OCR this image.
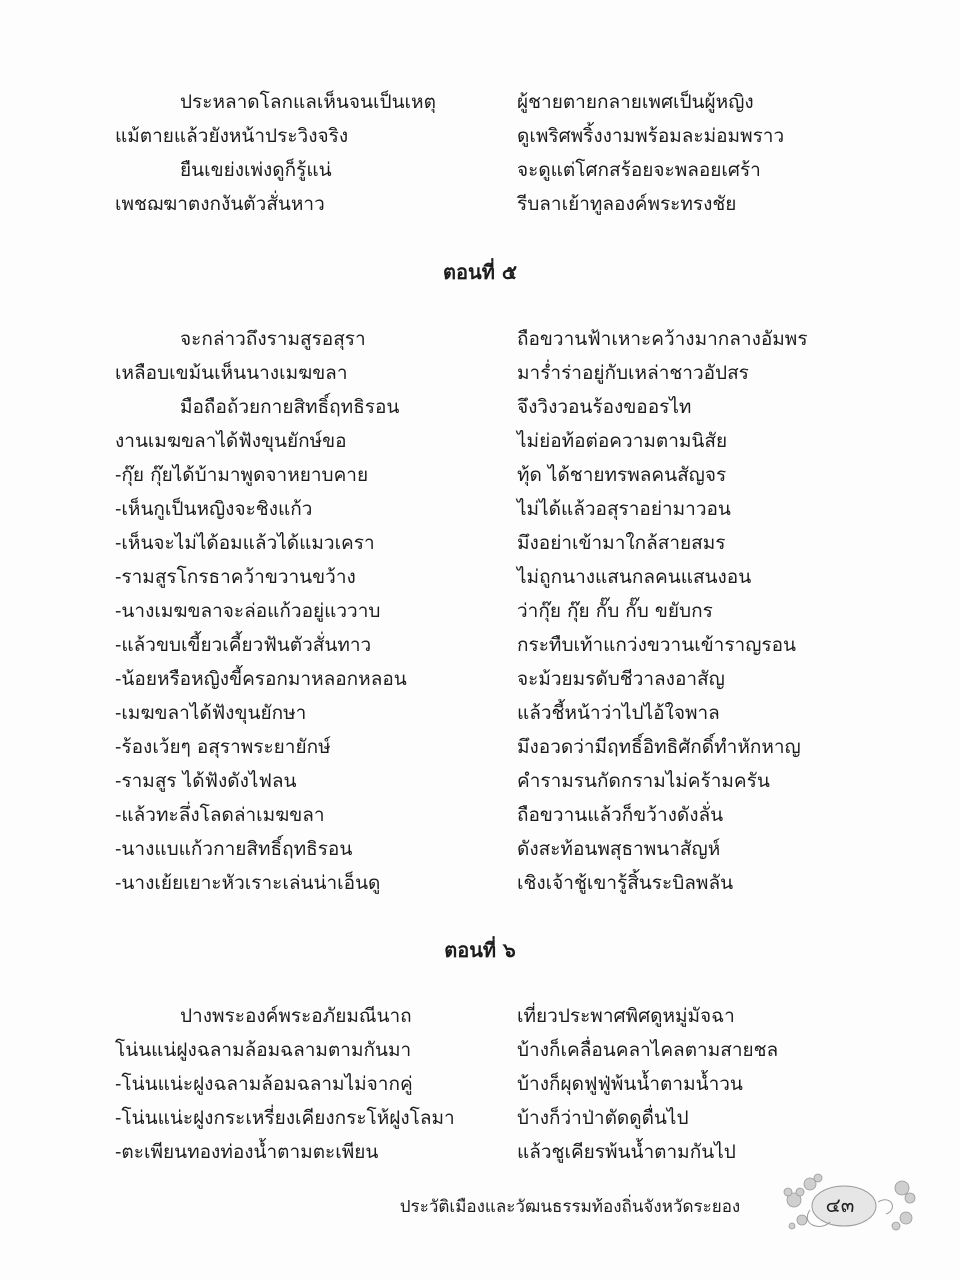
ประหลาดโลกแลเห็นจนเป็นเหตุ	ผู้ชายตายกลายเพศเป็นผู้หญิง
แม้ตายแล้วยังหน้าประวิงจริง	ดูเพริศพริ้งงามพร้อมละม่อมพราว
ยืนเขย่งเพ่งดูก็รู้แน่	จะดูแต่โศกสร้อยจะพลอยเศร้า
เพชฌฆาตงกงันตัวสั่นหาว	รีบลาเย้าทูลองค์พระทรงชัย
ตอนที่ ๕
จะกล่าวถึงรามสูรอสุรา	ถือขวานฟ้าเหาะคว้างมากลางอัมพร
เหลือบเขม้นเห็นนางเมฆขลา	มาร่ำร่าอยู่กับเหล่าชาวอัปสร
มือถือถ้วยกายสิทธิ์ฤทธิรอน	จึงวิงวอนร้องขออรไท
งานเมฆขลาได้ฟังขุนยักษ์ขอ	ไม่ย่อท้อต่อความตามนิสัย
-กุ๊ย กุ๊ยได้บ้ามาพูดจาหยาบคาย	ทุ้ด ได้ชายทรพลคนสัญจร
-เห็นกูเป็นหญิงจะชิงแก้ว	ไม่ได้แล้วอสุราอย่ามาวอน
-เห็นจะไม่ได้อมแล้วได้แมวเครา	มึงอย่าเข้ามาใกล้สายสมร
-รามสูรโกรธาคว้าขวานขว้าง	ไม่ถูกนางแสนกลคนแสนงอน
-นางเมฆขลาจะล่อแก้วอยู่แววาบ	ว่ากุ๊ย กุ๊ย กั๊บ กั๊บ ขยับกร
-แล้วขบเขี้ยวเคี้ยวฟันตัวสั่นทาว	กระทืบเท้าแกว่งขวานเข้าราญรอน
-น้อยหรือหญิงขี้ครอกมาหลอกหลอน	จะม้วยมรดับชีวาลงอาสัญ
-เมฆขลาได้ฟังขุนยักษา	แล้วชี้หน้าว่าไปไอ้ใจพาล
-ร้องเว้ยๆ อสุราพระยายักษ์	มึงอวดว่ามีฤทธิ์อิทธิศักดิ์ทำหักหาญ
-รามสูร ได้ฟังดังไฟลน	คำรามรนกัดกรามไม่คร้ามครัน
-แล้วทะลึ่งโลดล่าเมฆขลา	ถือขวานแล้วก็ขว้างดังลั่น
-นางแบแก้วกายสิทธิ์ฤทธิรอน	ดังสะท้อนพสุธาพนาสัญห์
-นางเย้ยเยาะหัวเราะเล่นน่าเอ็นดู	เชิงเจ้าชู้เขารู้สิ้นระบิลพลัน
ตอนที่ ๖
ปางพระองค์พระอภัยมณีนาถ	เที่ยวประพาศพิศดูหมู่มัจฉา
โน่นแน่ฝูงฉลามล้อมฉลามตามกันมา	บ้างก็เคลื่อนคลาไคลตามสายชล
-โน่นแน่ะฝูงฉลามล้อมฉลามไม่จากคู่	บ้างก็ผุดฟูฟู่พ้นน้ำตามน้ำวน
-โน่นแน่ะฝูงกระเหรี่ยงเคียงกระโห้ฝูงโลมา	บ้างก็ว่าป่าตัดดูดื่นไป
-ตะเพียนทองท่องน้ำตามตะเพียน	แล้วชูเคียรพ้นน้ำตามกันไป
ประวัติเมืองและวัฒนธรรมท้องถิ่นจังหวัดระยอง	๔๓
